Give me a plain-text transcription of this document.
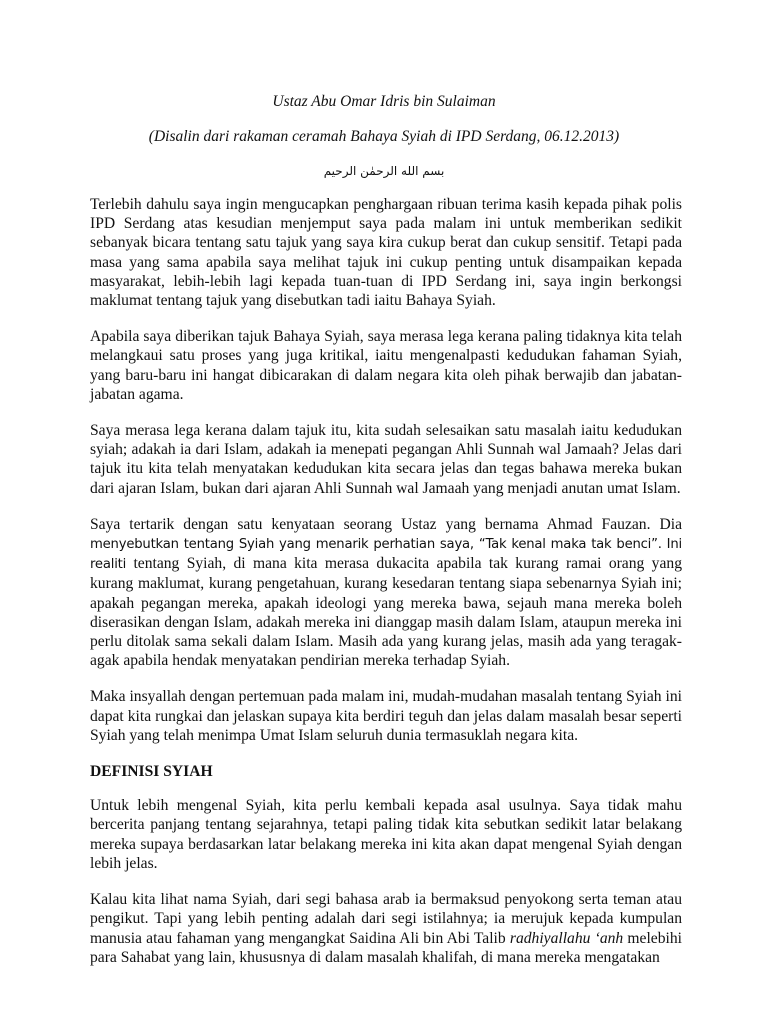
Ustaz Abu Omar Idris bin Sulaiman
(Disalin dari rakaman ceramah Bahaya Syiah di IPD Serdang, 06.12.2013)
بسم الله الرحمٰن الرحيم

Terlebih dahulu saya ingin mengucapkan penghargaan ribuan terima kasih kepada pihak polis IPD Serdang atas kesudian menjemput saya pada malam ini untuk memberikan sedikit sebanyak bicara tentang satu tajuk yang saya kira cukup berat dan cukup sensitif. Tetapi pada masa yang sama apabila saya melihat tajuk ini cukup penting untuk disampaikan kepada masyarakat, lebih-lebih lagi kepada tuan-tuan di IPD Serdang ini, saya ingin berkongsi maklumat tentang tajuk yang disebutkan tadi iaitu Bahaya Syiah.

Apabila saya diberikan tajuk Bahaya Syiah, saya merasa lega kerana paling tidaknya kita telah melangkaui satu proses yang juga kritikal, iaitu mengenalpasti kedudukan fahaman Syiah, yang baru-baru ini hangat dibicarakan di dalam negara kita oleh pihak berwajib dan jabatan-jabatan agama.

Saya merasa lega kerana dalam tajuk itu, kita sudah selesaikan satu masalah iaitu kedudukan syiah; adakah ia dari Islam, adakah ia menepati pegangan Ahli Sunnah wal Jamaah? Jelas dari tajuk itu kita telah menyatakan kedudukan kita secara jelas dan tegas bahawa mereka bukan dari ajaran Islam, bukan dari ajaran Ahli Sunnah wal Jamaah yang menjadi anutan umat Islam.

Saya tertarik dengan satu kenyataan seorang Ustaz yang bernama Ahmad Fauzan. Dia menyebutkan tentang Syiah yang menarik perhatian saya, “Tak kenal maka tak benci”. Ini realiti tentang Syiah, di mana kita merasa dukacita apabila tak kurang ramai orang yang kurang maklumat, kurang pengetahuan, kurang kesedaran tentang siapa sebenarnya Syiah ini; apakah pegangan mereka, apakah ideologi yang mereka bawa, sejauh mana mereka boleh diserasikan dengan Islam, adakah mereka ini dianggap masih dalam Islam, ataupun mereka ini perlu ditolak sama sekali dalam Islam. Masih ada yang kurang jelas, masih ada yang teragak-agak apabila hendak menyatakan pendirian mereka terhadap Syiah.

Maka insyallah dengan pertemuan pada malam ini, mudah-mudahan masalah tentang Syiah ini dapat kita rungkai dan jelaskan supaya kita berdiri teguh dan jelas dalam masalah besar seperti Syiah yang telah menimpa Umat Islam seluruh dunia termasuklah negara kita.

DEFINISI SYIAH

Untuk lebih mengenal Syiah, kita perlu kembali kepada asal usulnya. Saya tidak mahu bercerita panjang tentang sejarahnya, tetapi paling tidak kita sebutkan sedikit latar belakang mereka supaya berdasarkan latar belakang mereka ini kita akan dapat mengenal Syiah dengan lebih jelas.

Kalau kita lihat nama Syiah, dari segi bahasa arab ia bermaksud penyokong serta teman atau pengikut. Tapi yang lebih penting adalah dari segi istilahnya; ia merujuk kepada kumpulan manusia atau fahaman yang mengangkat Saidina Ali bin Abi Talib radhiyallahu ‘anh melebihi para Sahabat yang lain, khususnya di dalam masalah khalifah, di mana mereka mengatakan
